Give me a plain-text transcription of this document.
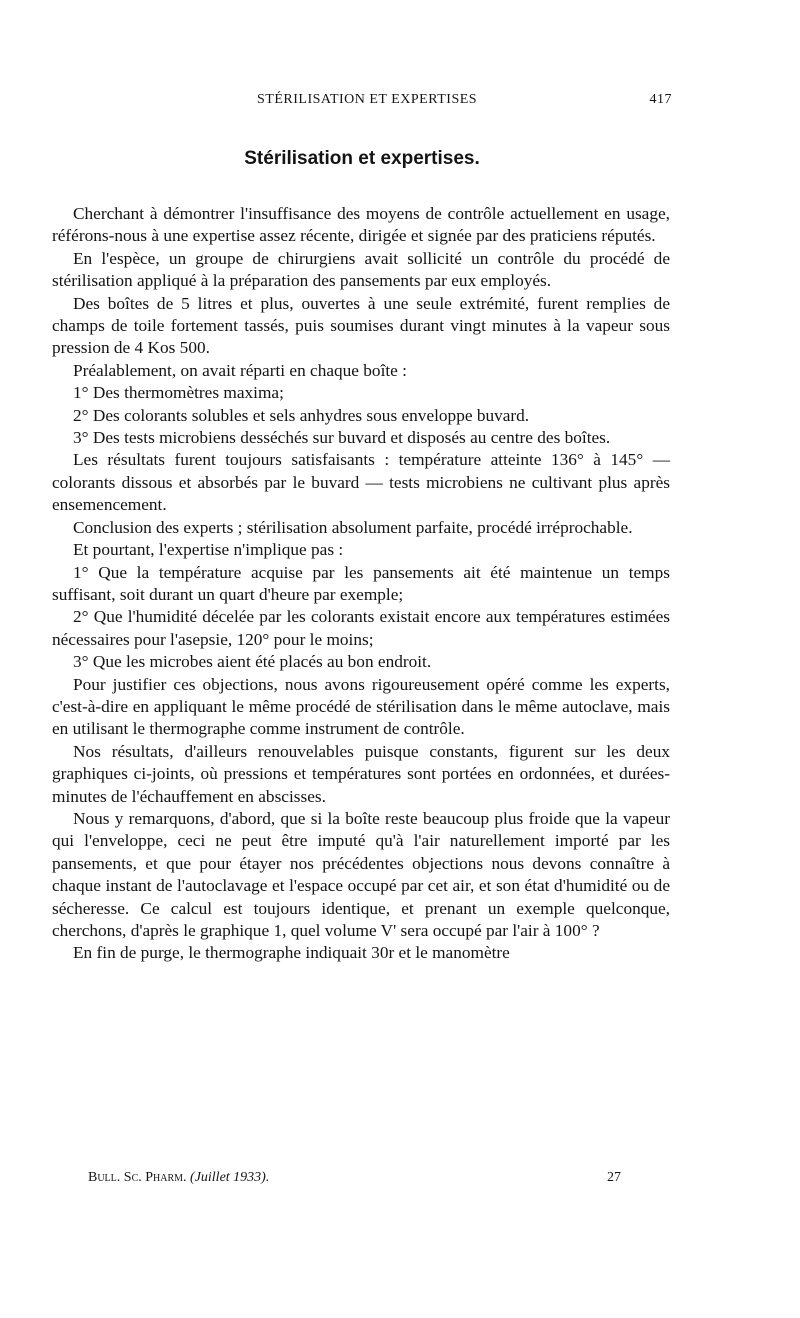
STÉRILISATION ET EXPERTISES	417
Stérilisation et expertises.

Cherchant à démontrer l'insuffisance des moyens de contrôle actuellement en usage, référons-nous à une expertise assez récente, dirigée et signée par des praticiens réputés.

En l'espèce, un groupe de chirurgiens avait sollicité un contrôle du procédé de stérilisation appliqué à la préparation des pansements par eux employés.

Des boîtes de 5 litres et plus, ouvertes à une seule extrémité, furent remplies de champs de toile fortement tassés, puis soumises durant vingt minutes à la vapeur sous pression de 4 Kos 500.

Préalablement, on avait réparti en chaque boîte :

1° Des thermomètres maxima;

2° Des colorants solubles et sels anhydres sous enveloppe buvard.

3° Des tests microbiens desséchés sur buvard et disposés au centre des boîtes.

Les résultats furent toujours satisfaisants : température atteinte 136° à 145° — colorants dissous et absorbés par le buvard — tests microbiens ne cultivant plus après ensemencement.

Conclusion des experts ; stérilisation absolument parfaite, procédé irréprochable.

Et pourtant, l'expertise n'implique pas :

1° Que la température acquise par les pansements ait été maintenue un temps suffisant, soit durant un quart d'heure par exemple;

2° Que l'humidité décelée par les colorants existait encore aux températures estimées nécessaires pour l'asepsie, 120° pour le moins;

3° Que les microbes aient été placés au bon endroit.

Pour justifier ces objections, nous avons rigoureusement opéré comme les experts, c'est-à-dire en appliquant le même procédé de stérilisation dans le même autoclave, mais en utilisant le thermographe comme instrument de contrôle.

Nos résultats, d'ailleurs renouvelables puisque constants, figurent sur les deux graphiques ci-joints, où pressions et températures sont portées en ordonnées, et durées-minutes de l'échauffement en abscisses.

Nous y remarquons, d'abord, que si la boîte reste beaucoup plus froide que la vapeur qui l'enveloppe, ceci ne peut être imputé qu'à l'air naturellement importé par les pansements, et que pour étayer nos précédentes objections nous devons connaître à chaque instant de l'autoclavage et l'espace occupé par cet air, et son état d'humidité ou de sécheresse. Ce calcul est toujours identique, et prenant un exemple quelconque, cherchons, d'après le graphique 1, quel volume V' sera occupé par l'air à 100° ?

En fin de purge, le thermographe indiquait 30r et le manomètre

Bull. Sc. Pharm. (Juillet 1933).	27
